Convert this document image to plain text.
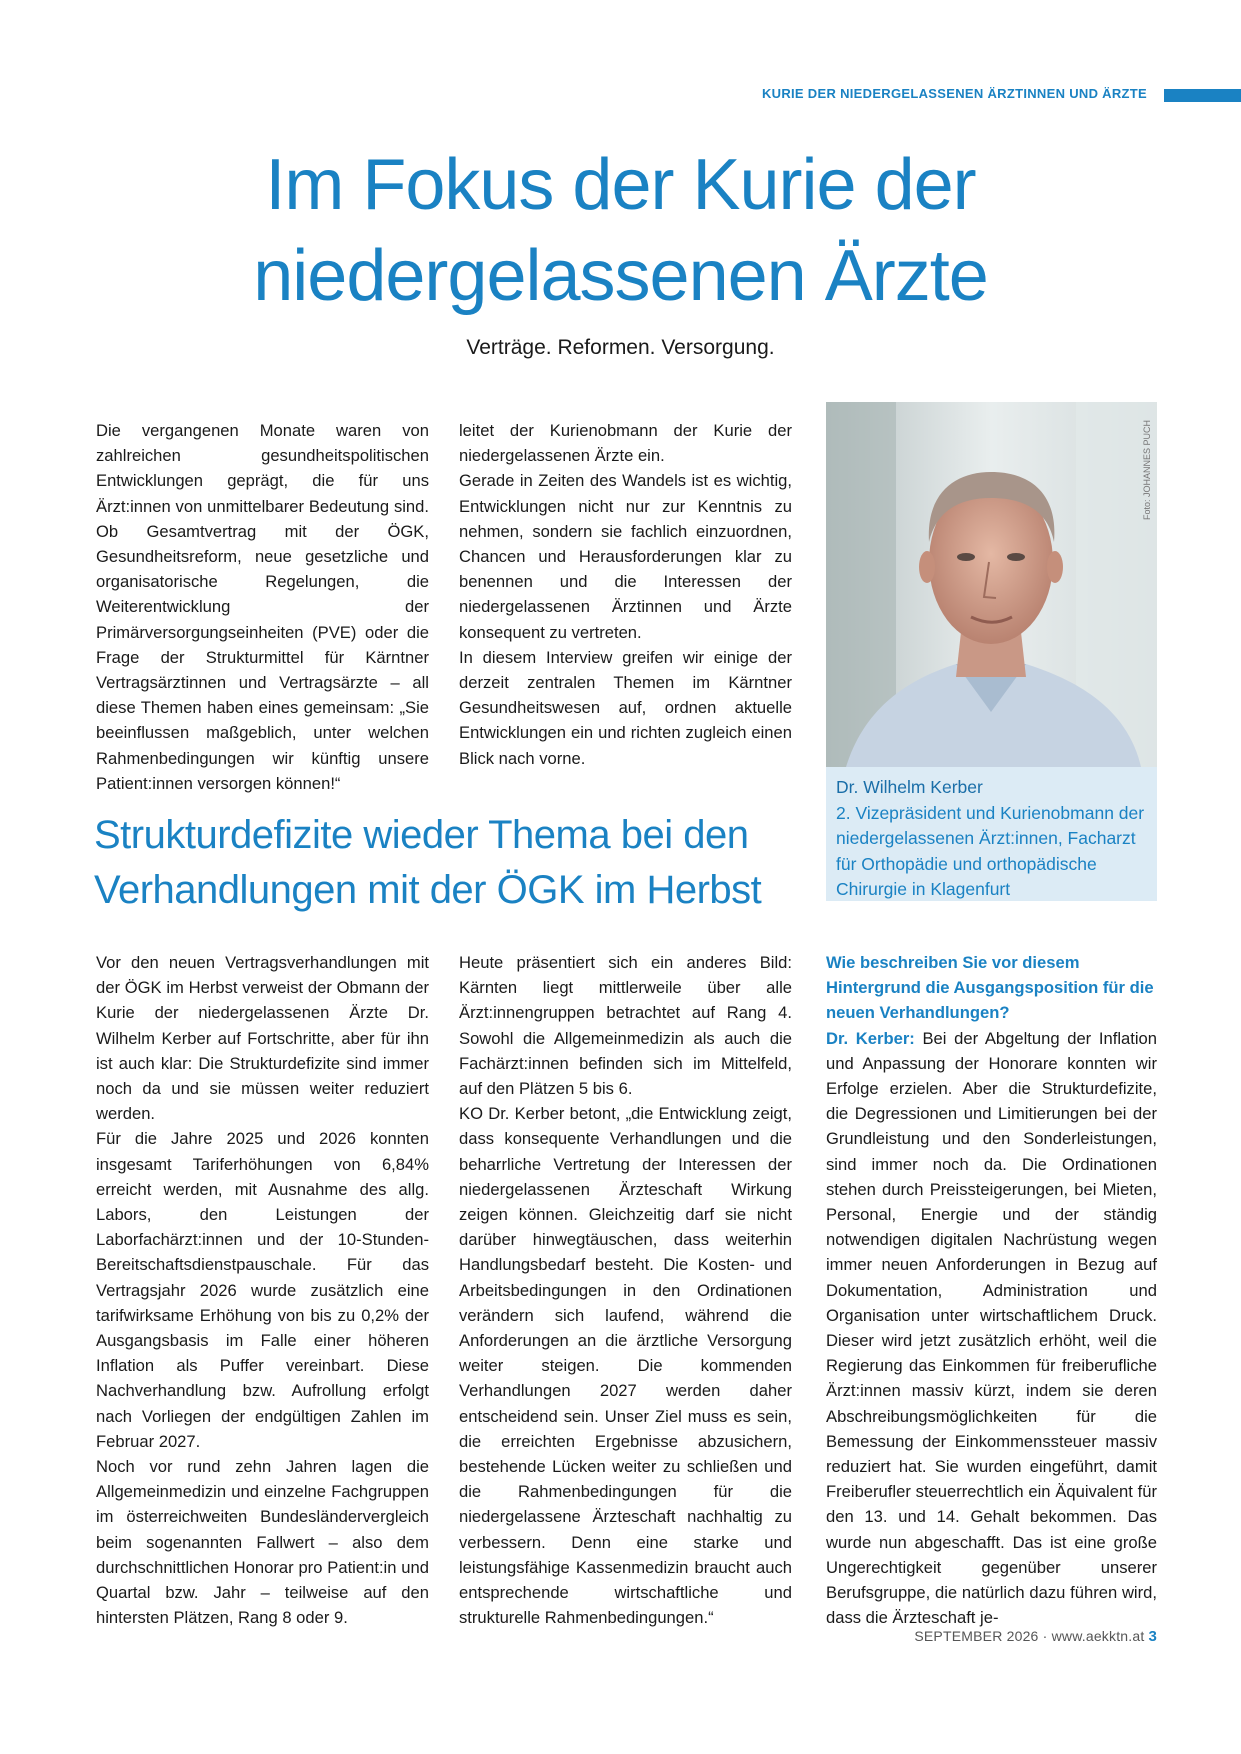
KURIE DER NIEDERGELASSENEN ÄRZTINNEN UND ÄRZTE
Im Fokus der Kurie der
niedergelassenen Ärzte
Verträge. Reformen. Versorgung.

Die vergangenen Monate waren von zahlreichen gesundheitspolitischen Entwicklungen geprägt, die für uns Ärzt:innen von unmittelbarer Bedeutung sind. Ob Gesamtvertrag mit der ÖGK, Gesundheitsreform, neue gesetzliche und organisatorische Regelungen, die Weiterentwicklung der Primärversorgungseinheiten (PVE) oder die Frage der Strukturmittel für Kärntner Vertragsärztinnen und Vertragsärzte – all diese Themen haben eines gemeinsam: „Sie beeinflussen maßgeblich, unter welchen Rahmenbedingungen wir künftig unsere Patient:innen versorgen können!“

leitet der Kurienobmann der Kurie der niedergelassenen Ärzte ein.

Gerade in Zeiten des Wandels ist es wichtig, Entwicklungen nicht nur zur Kenntnis zu nehmen, sondern sie fachlich einzuordnen, Chancen und Herausforderungen klar zu benennen und die Interessen der niedergelassenen Ärztinnen und Ärzte konsequent zu vertreten.

In diesem Interview greifen wir einige der derzeit zentralen Themen im Kärntner Gesundheitswesen auf, ordnen aktuelle Entwicklungen ein und richten zugleich einen Blick nach vorne.

Foto: JOHANNES PUCH
Dr. Wilhelm Kerber
2. Vizepräsident und Kurienobmann der niedergelassenen Ärzt:innen, Facharzt für Orthopädie und orthopädische Chirurgie in Klagenfurt
Strukturdefizite wieder Thema bei den
Verhandlungen mit der ÖGK im Herbst

Vor den neuen Vertragsverhandlungen mit der ÖGK im Herbst verweist der Obmann der Kurie der niedergelassenen Ärzte Dr. Wilhelm Kerber auf Fortschritte, aber für ihn ist auch klar: Die Strukturdefizite sind immer noch da und sie müssen weiter reduziert werden.

Für die Jahre 2025 und 2026 konnten insgesamt Tariferhöhungen von 6,84% erreicht werden, mit Ausnahme des allg. Labors, den Leistungen der Laborfachärzt:innen und der 10-Stunden-Bereitschaftsdienstpauschale. Für das Vertragsjahr 2026 wurde zusätzlich eine tarifwirksame Erhöhung von bis zu 0,2% der Ausgangsbasis im Falle einer höheren Inflation als Puffer vereinbart. Diese Nachverhandlung bzw. Aufrollung erfolgt nach Vorliegen der endgültigen Zahlen im Februar 2027.

Noch vor rund zehn Jahren lagen die Allgemeinmedizin und einzelne Fachgruppen im österreichweiten Bundesländervergleich beim sogenannten Fallwert – also dem durchschnittlichen Honorar pro Patient:in und Quartal bzw. Jahr – teilweise auf den hintersten Plätzen, Rang 8 oder 9.

Heute präsentiert sich ein anderes Bild: Kärnten liegt mittlerweile über alle Ärzt:innengruppen betrachtet auf Rang 4. Sowohl die Allgemeinmedizin als auch die Fachärzt:innen befinden sich im Mittelfeld, auf den Plätzen 5 bis 6.

KO Dr. Kerber betont, „die Entwicklung zeigt, dass konsequente Verhandlungen und die beharrliche Vertretung der Interessen der niedergelassenen Ärzteschaft Wirkung zeigen können. Gleichzeitig darf sie nicht darüber hinwegtäuschen, dass weiterhin Handlungsbedarf besteht. Die Kosten- und Arbeitsbedingungen in den Ordinationen verändern sich laufend, während die Anforderungen an die ärztliche Versorgung weiter steigen. Die kommenden Verhandlungen 2027 werden daher entscheidend sein. Unser Ziel muss es sein, die erreichten Ergebnisse abzusichern, bestehende Lücken weiter zu schließen und die Rahmenbedingungen für die niedergelassene Ärzteschaft nachhaltig zu verbessern. Denn eine starke und leistungsfähige Kassenmedizin braucht auch entsprechende wirtschaftliche und strukturelle Rahmenbedingungen.“

Wie beschreiben Sie vor diesem Hintergrund die Ausgangsposition für die neuen Verhandlungen?

Dr. Kerber: Bei der Abgeltung der Inflation und Anpassung der Honorare konnten wir Erfolge erzielen. Aber die Strukturdefizite, die Degressionen und Limitierungen bei der Grundleistung und den Sonderleistungen, sind immer noch da. Die Ordinationen stehen durch Preissteigerungen, bei Mieten, Personal, Energie und der ständig notwendigen digitalen Nachrüstung wegen immer neuen Anforderungen in Bezug auf Dokumentation, Administration und Organisation unter wirtschaftlichem Druck. Dieser wird jetzt zusätzlich erhöht, weil die Regierung das Einkommen für freiberufliche Ärzt:innen massiv kürzt, indem sie deren Abschreibungsmöglichkeiten für die Bemessung der Einkommenssteuer massiv reduziert hat. Sie wurden eingeführt, damit Freiberufler steuerrechtlich ein Äquivalent für den 13. und 14. Gehalt bekommen. Das wurde nun abgeschafft. Das ist eine große Ungerechtigkeit gegenüber unserer Berufsgruppe, die natürlich dazu führen wird, dass die Ärzteschaft je-

SEPTEMBER 2026 · www.aekktn.at 3
